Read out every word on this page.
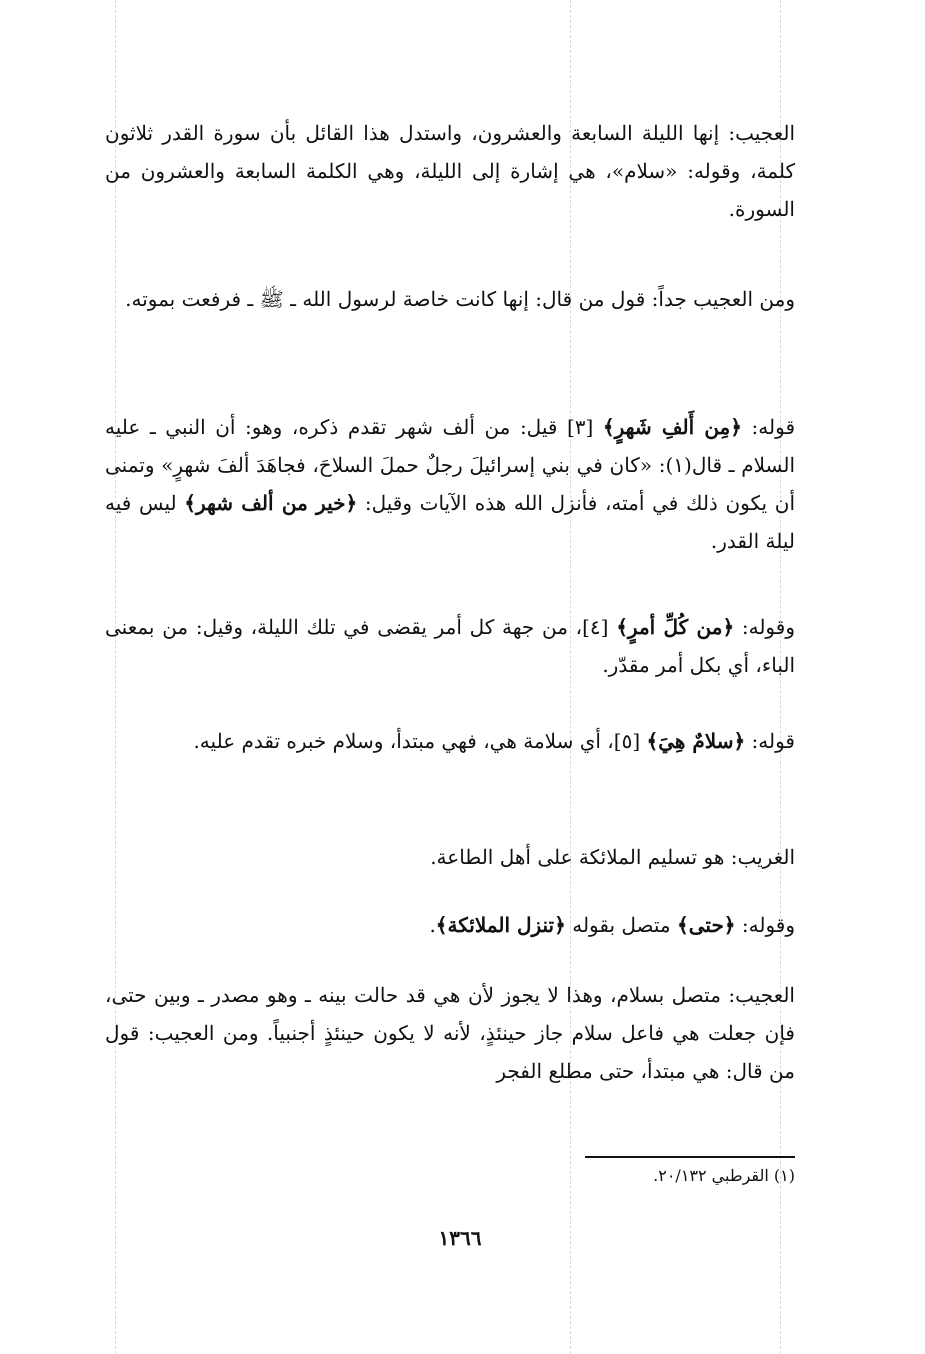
العجيب: إنها الليلة السابعة والعشرون، واستدل هذا القائل بأن سورة القدر ثلاثون كلمة، وقوله: «سلام»، هي إشارة إلى الليلة، وهي الكلمة السابعة والعشرون من السورة.

ومن العجيب جداً: قول من قال: إنها كانت خاصة لرسول الله ـ ﷺ ـ فرفعت بموته.

قوله: ﴿مِن أَلفِ شَهرٍ﴾ [٣] قيل: من ألف شهر تقدم ذكره، وهو: أن النبي ـ عليه السلام ـ قال(١): «كان في بني إسرائيلَ رجلٌ حملَ السلاحَ، فجاهَدَ ألفَ شهرٍ» وتمنى أن يكون ذلك في أمته، فأنزل الله هذه الآيات وقيل: ﴿خير من ألف شهر﴾ ليس فيه ليلة القدر.

وقوله: ﴿من كُلِّ أمرٍ﴾ [٤]، من جهة كل أمر يقضى في تلك الليلة، وقيل: من بمعنى الباء، أي بكل أمر مقدّر.

قوله: ﴿سلامٌ هِيَ﴾ [٥]، أي سلامة هي، فهي مبتدأ، وسلام خبره تقدم عليه.

الغريب: هو تسليم الملائكة على أهل الطاعة.

وقوله: ﴿حتى﴾ متصل بقوله ﴿تنزل الملائكة﴾.

العجيب: متصل بسلام، وهذا لا يجوز لأن هي قد حالت بينه ـ وهو مصدر ـ وبين حتى، فإن جعلت هي فاعل سلام جاز حينئذٍ، لأنه لا يكون حينئذٍ أجنبياً. ومن العجيب: قول من قال: هي مبتدأ، حتى مطلع الفجر

(١) القرطبي ٢٠/١٣٢.
١٣٦٦
